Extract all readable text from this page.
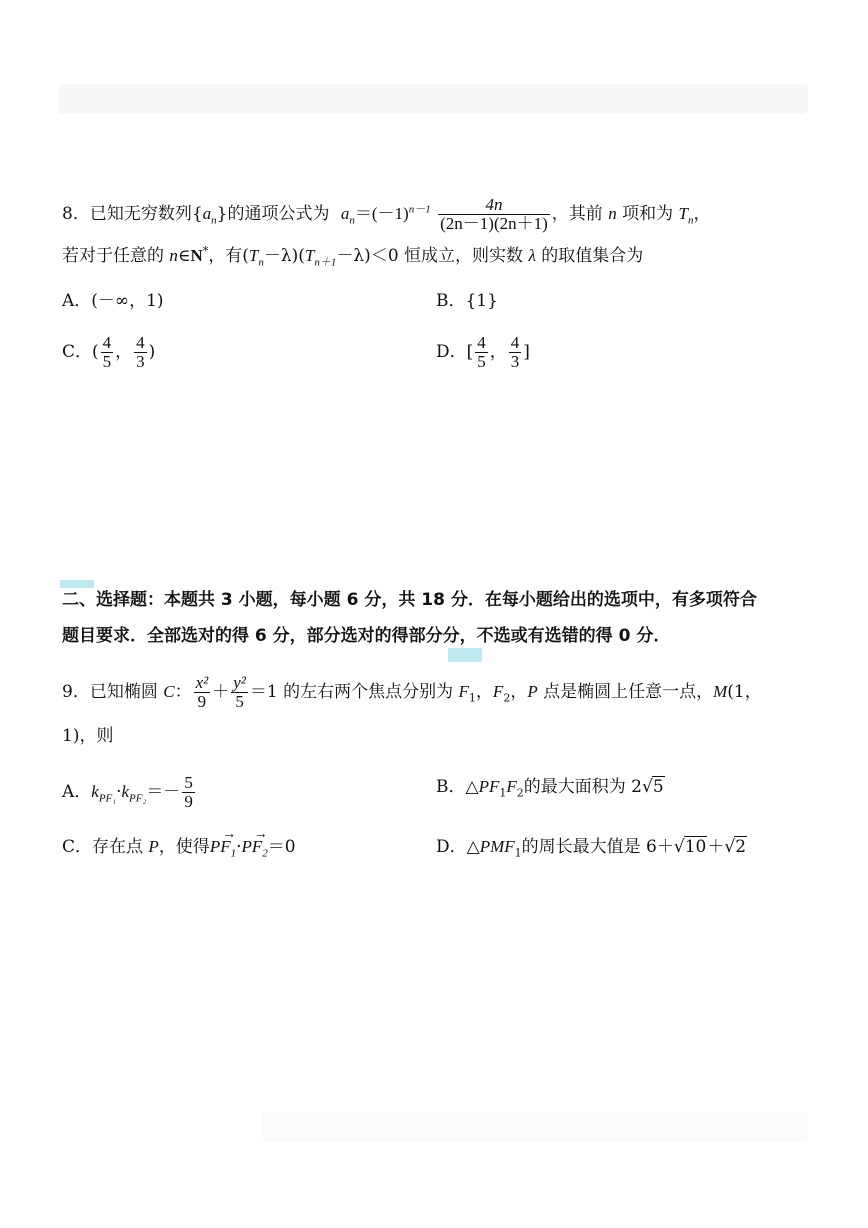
8．已知无穷数列$\{a_n\}$的通项公式为 $a_n=(-1)^{n-1} \frac{4n}{(2n-1)(2n+1)}$ ，其前 n 项和为 $T_n$，
若对于任意的 n∈N*，有$(T_n-\lambda)(T_{n+1}-\lambda)<0$ 恒成立，则实数 λ 的取值集合为
A．(－∞，1)	B．{1}
C．( $\frac{4}{5}$ ， $\frac{4}{3}$ )	D．[ $\frac{4}{5}$ ， $\frac{4}{3}$ ]
二、选择题：本题共 3 小题，每小题 6 分，共 18 分．在每小题给出的选项中，有多项符合
题目要求．全部选对的得 6 分，部分选对的得部分分，不选或有选错的得 0 分．
9．已知椭圆 C： $\frac{\text{x²}}{9} + \frac{\text{y²}}{5} =1$ 的左右两个焦点分别为 $F_1$，$F_2$，P 点是椭圆上任意一点，M(1，
1)，则
A．$k_{PF_1}\cdot k_{PF_2}=- \frac{5}{9}$	B．$\triangle PF_1F_2$的最大面积为 2√5
C．存在点 P，使得→ $PF_1\cdot\to PF_2=0$	D．$\triangle PMF_1$的周长最大值是 6＋√10＋√2
